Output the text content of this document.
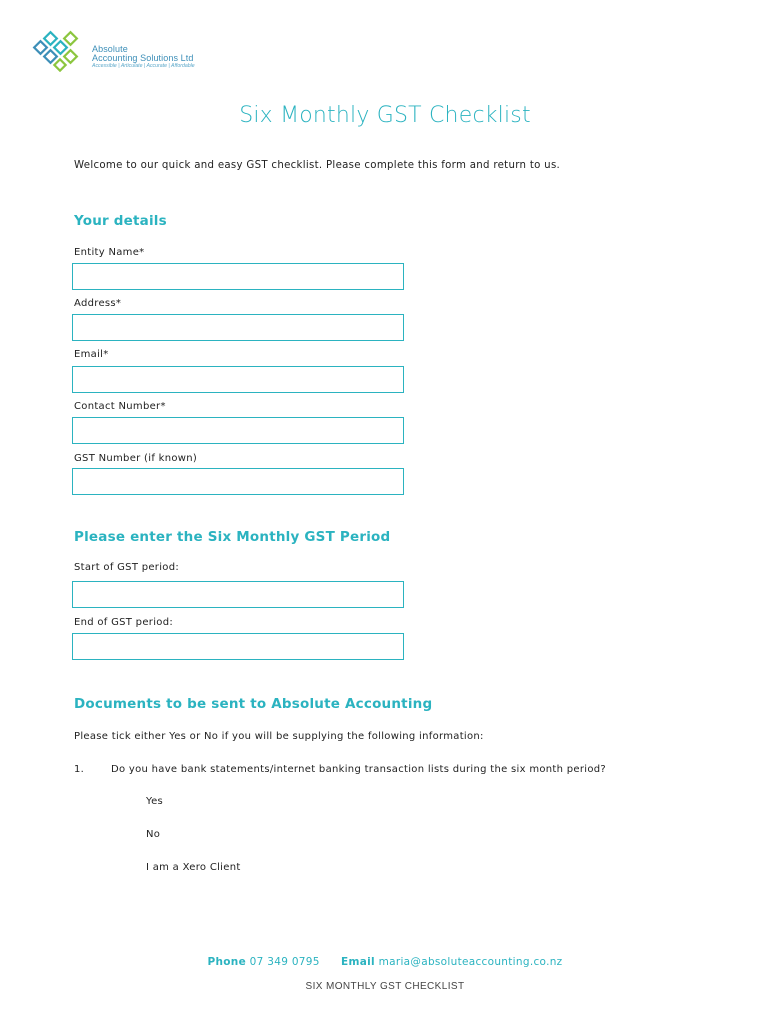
Absolute
Accounting Solutions Ltd
Accessible | Articulate | Accurate | Affordable
Six Monthly GST Checklist

Welcome to our quick and easy GST checklist. Please complete this form and return to us.

Your details
Entity Name*
Address*
Email*
Contact Number*
GST Number (if known)
Please enter the Six Monthly GST Period
Start of GST period:
End of GST period:
Documents to be sent to Absolute Accounting
Please tick either Yes or No if you will be supplying the following information:
1.	Do you have bank statements/internet banking transaction lists during the six month period?
Yes
No
I am a Xero Client
Phone 07 349 0795 Email maria@absoluteaccounting.co.nz
SIX MONTHLY GST CHECKLIST
